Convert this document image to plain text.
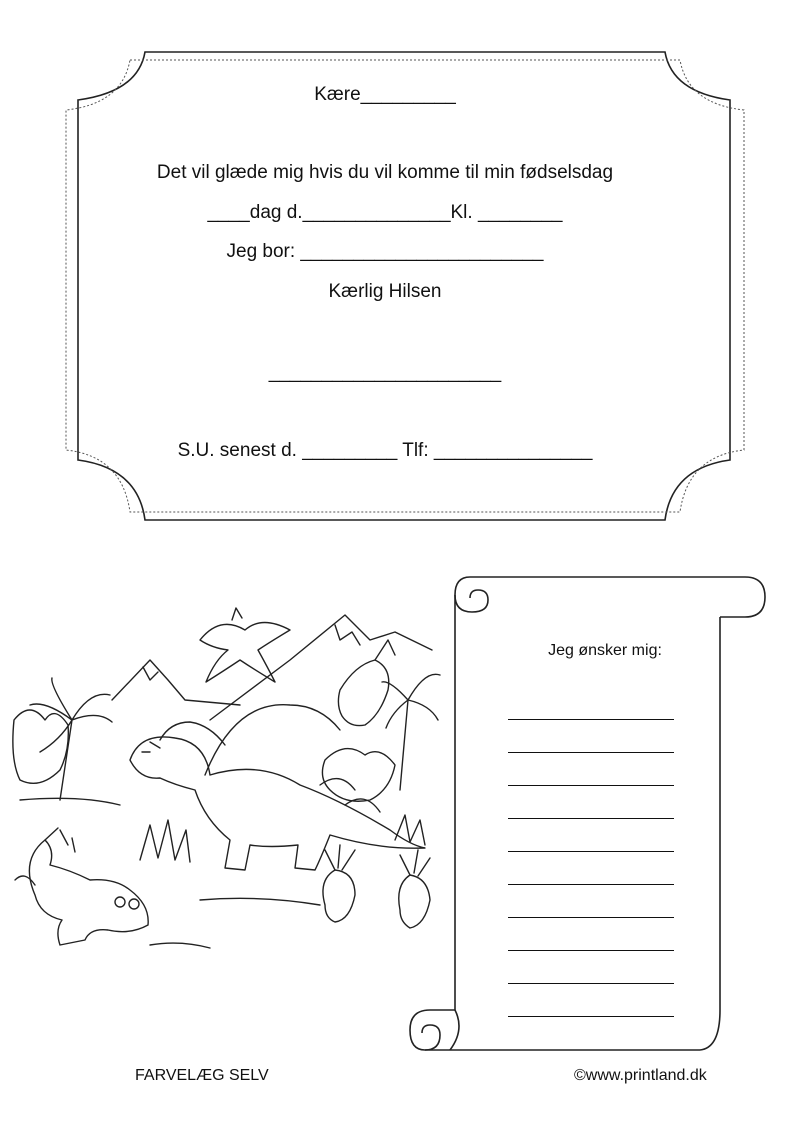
Kære_________
Det vil glæde mig hvis du vil komme til min fødselsdag
____dag d.______________Kl. ________
Jeg bor: _______________________
Kærlig Hilsen
______________________
S.U. senest d. _________ Tlf: _______________
Jeg ønsker mig:
FARVELÆG SELV	©www.printland.dk
